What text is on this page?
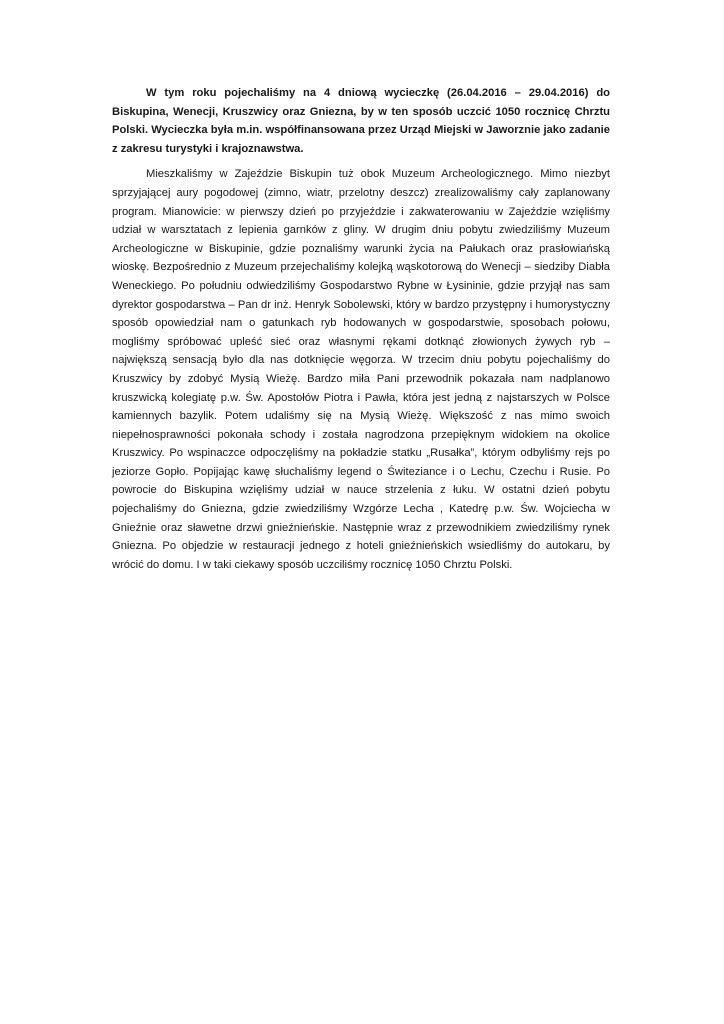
W tym roku pojechaliśmy na 4 dniową wycieczkę (26.04.2016 – 29.04.2016) do Biskupina, Wenecji, Kruszwicy oraz Gniezna, by w ten sposób uczcić 1050 rocznicę Chrztu Polski. Wycieczka była m.in. współfinansowana przez Urząd Miejski w Jaworznie jako zadanie z zakresu turystyki i krajoznawstwa.

Mieszkaliśmy w Zajeździe Biskupin tuż obok Muzeum Archeologicznego. Mimo niezbyt sprzyjającej aury pogodowej (zimno, wiatr, przelotny deszcz) zrealizowaliśmy cały zaplanowany program. Mianowicie: w pierwszy dzień po przyjeździe i zakwaterowaniu w Zajeździe wzięliśmy udział w warsztatach z lepienia garnków z gliny. W drugim dniu pobytu zwiedziliśmy Muzeum Archeologiczne w Biskupinie, gdzie poznaliśmy warunki życia na Pałukach oraz prasłowiańską wioskę. Bezpośrednio z Muzeum przejechaliśmy kolejką wąskotorową do Wenecji – siedziby Diabła Weneckiego. Po południu odwiedziliśmy Gospodarstwo Rybne w Łysininie, gdzie przyjął nas sam dyrektor gospodarstwa – Pan dr inż. Henryk Sobolewski, który w bardzo przystępny i humorystyczny sposób opowiedział nam o gatunkach ryb hodowanych w gospodarstwie, sposobach połowu, mogliśmy spróbować upleść sieć oraz własnymi rękami dotknąć złowionych żywych ryb – największą sensacją było dla nas dotknięcie węgorza. W trzecim dniu pobytu pojechaliśmy do Kruszwicy by zdobyć Mysią Wieżę. Bardzo miła Pani przewodnik pokazała nam nadplanowo kruszwicką kolegiatę p.w. Św. Apostołów Piotra i Pawła, która jest jedną z najstarszych w Polsce kamiennych bazylik. Potem udaliśmy się na Mysią Wieżę. Większość z nas mimo swoich niepełnosprawności pokonała schody i została nagrodzona przepięknym widokiem na okolice Kruszwicy. Po wspinaczce odpoczęliśmy na pokładzie statku „Rusałka”, którym odbyliśmy rejs po jeziorze Gopło. Popijając kawę słuchaliśmy legend o Świteziance i o Lechu, Czechu i Rusie. Po powrocie do Biskupina wzięliśmy udział w nauce strzelenia z łuku. W ostatni dzień pobytu pojechaliśmy do Gniezna, gdzie zwiedziliśmy Wzgórze Lecha , Katedrę p.w. Św. Wojciecha w Gnieźnie oraz sławetne drzwi gnieźnieńskie. Następnie wraz z przewodnikiem zwiedziliśmy rynek Gniezna. Po objedzie w restauracji jednego z hoteli gnieźnieńskich wsiedliśmy do autokaru, by wrócić do domu. I w taki ciekawy sposób uczciliśmy rocznicę 1050 Chrztu Polski.
